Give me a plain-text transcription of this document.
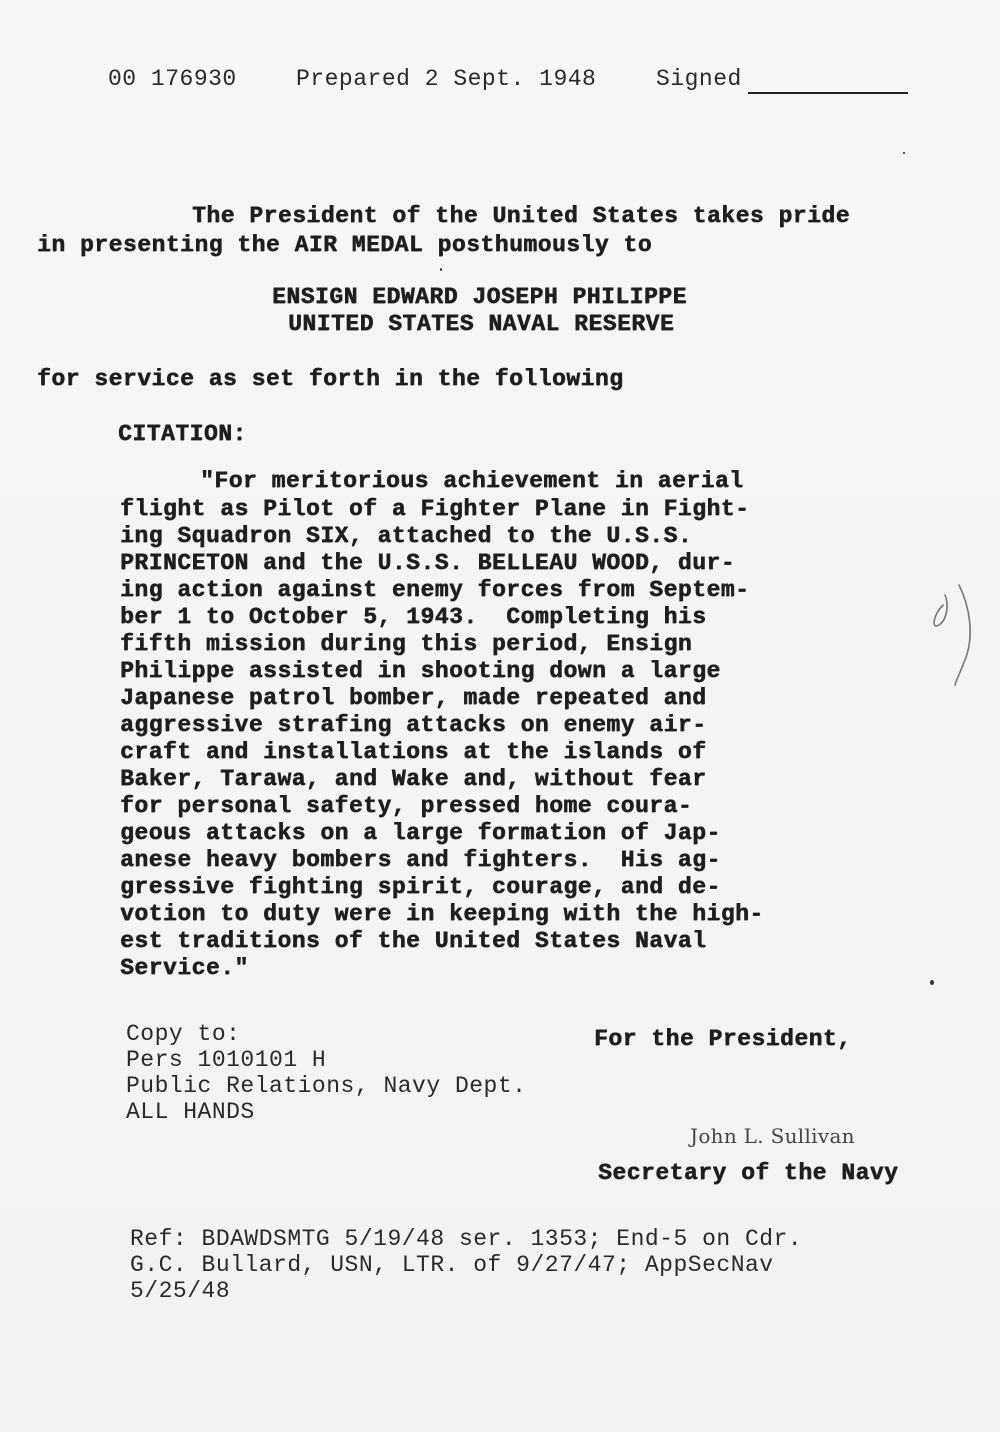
00 176930	Prepared 2 Sept. 1948	Signed
The President of the United States takes pride
in presenting the AIR MEDAL posthumously to
ENSIGN EDWARD JOSEPH PHILIPPE
UNITED STATES NAVAL RESERVE
for service as set forth in the following
CITATION:
"For meritorious achievement in aerial
flight as Pilot of a Fighter Plane in Fight-
ing Squadron SIX, attached to the U.S.S.
PRINCETON and the U.S.S. BELLEAU WOOD, dur-
ing action against enemy forces from Septem-
ber 1 to October 5, 1943.  Completing his
fifth mission during this period, Ensign
Philippe assisted in shooting down a large
Japanese patrol bomber, made repeated and
aggressive strafing attacks on enemy air-
craft and installations at the islands of
Baker, Tarawa, and Wake and, without fear
for personal safety, pressed home coura-
geous attacks on a large formation of Jap-
anese heavy bombers and fighters.  His ag-
gressive fighting spirit, courage, and de-
votion to duty were in keeping with the high-
est traditions of the United States Naval
Service."
Copy to:
Pers 1010101 H
Public Relations, Navy Dept.
ALL HANDS
For the President,
John L. Sullivan
Secretary of the Navy
Ref: BDAWDSMTG 5/19/48 ser. 1353; End-5 on Cdr.
G.C. Bullard, USN, LTR. of 9/27/47; AppSecNav
5/25/48
